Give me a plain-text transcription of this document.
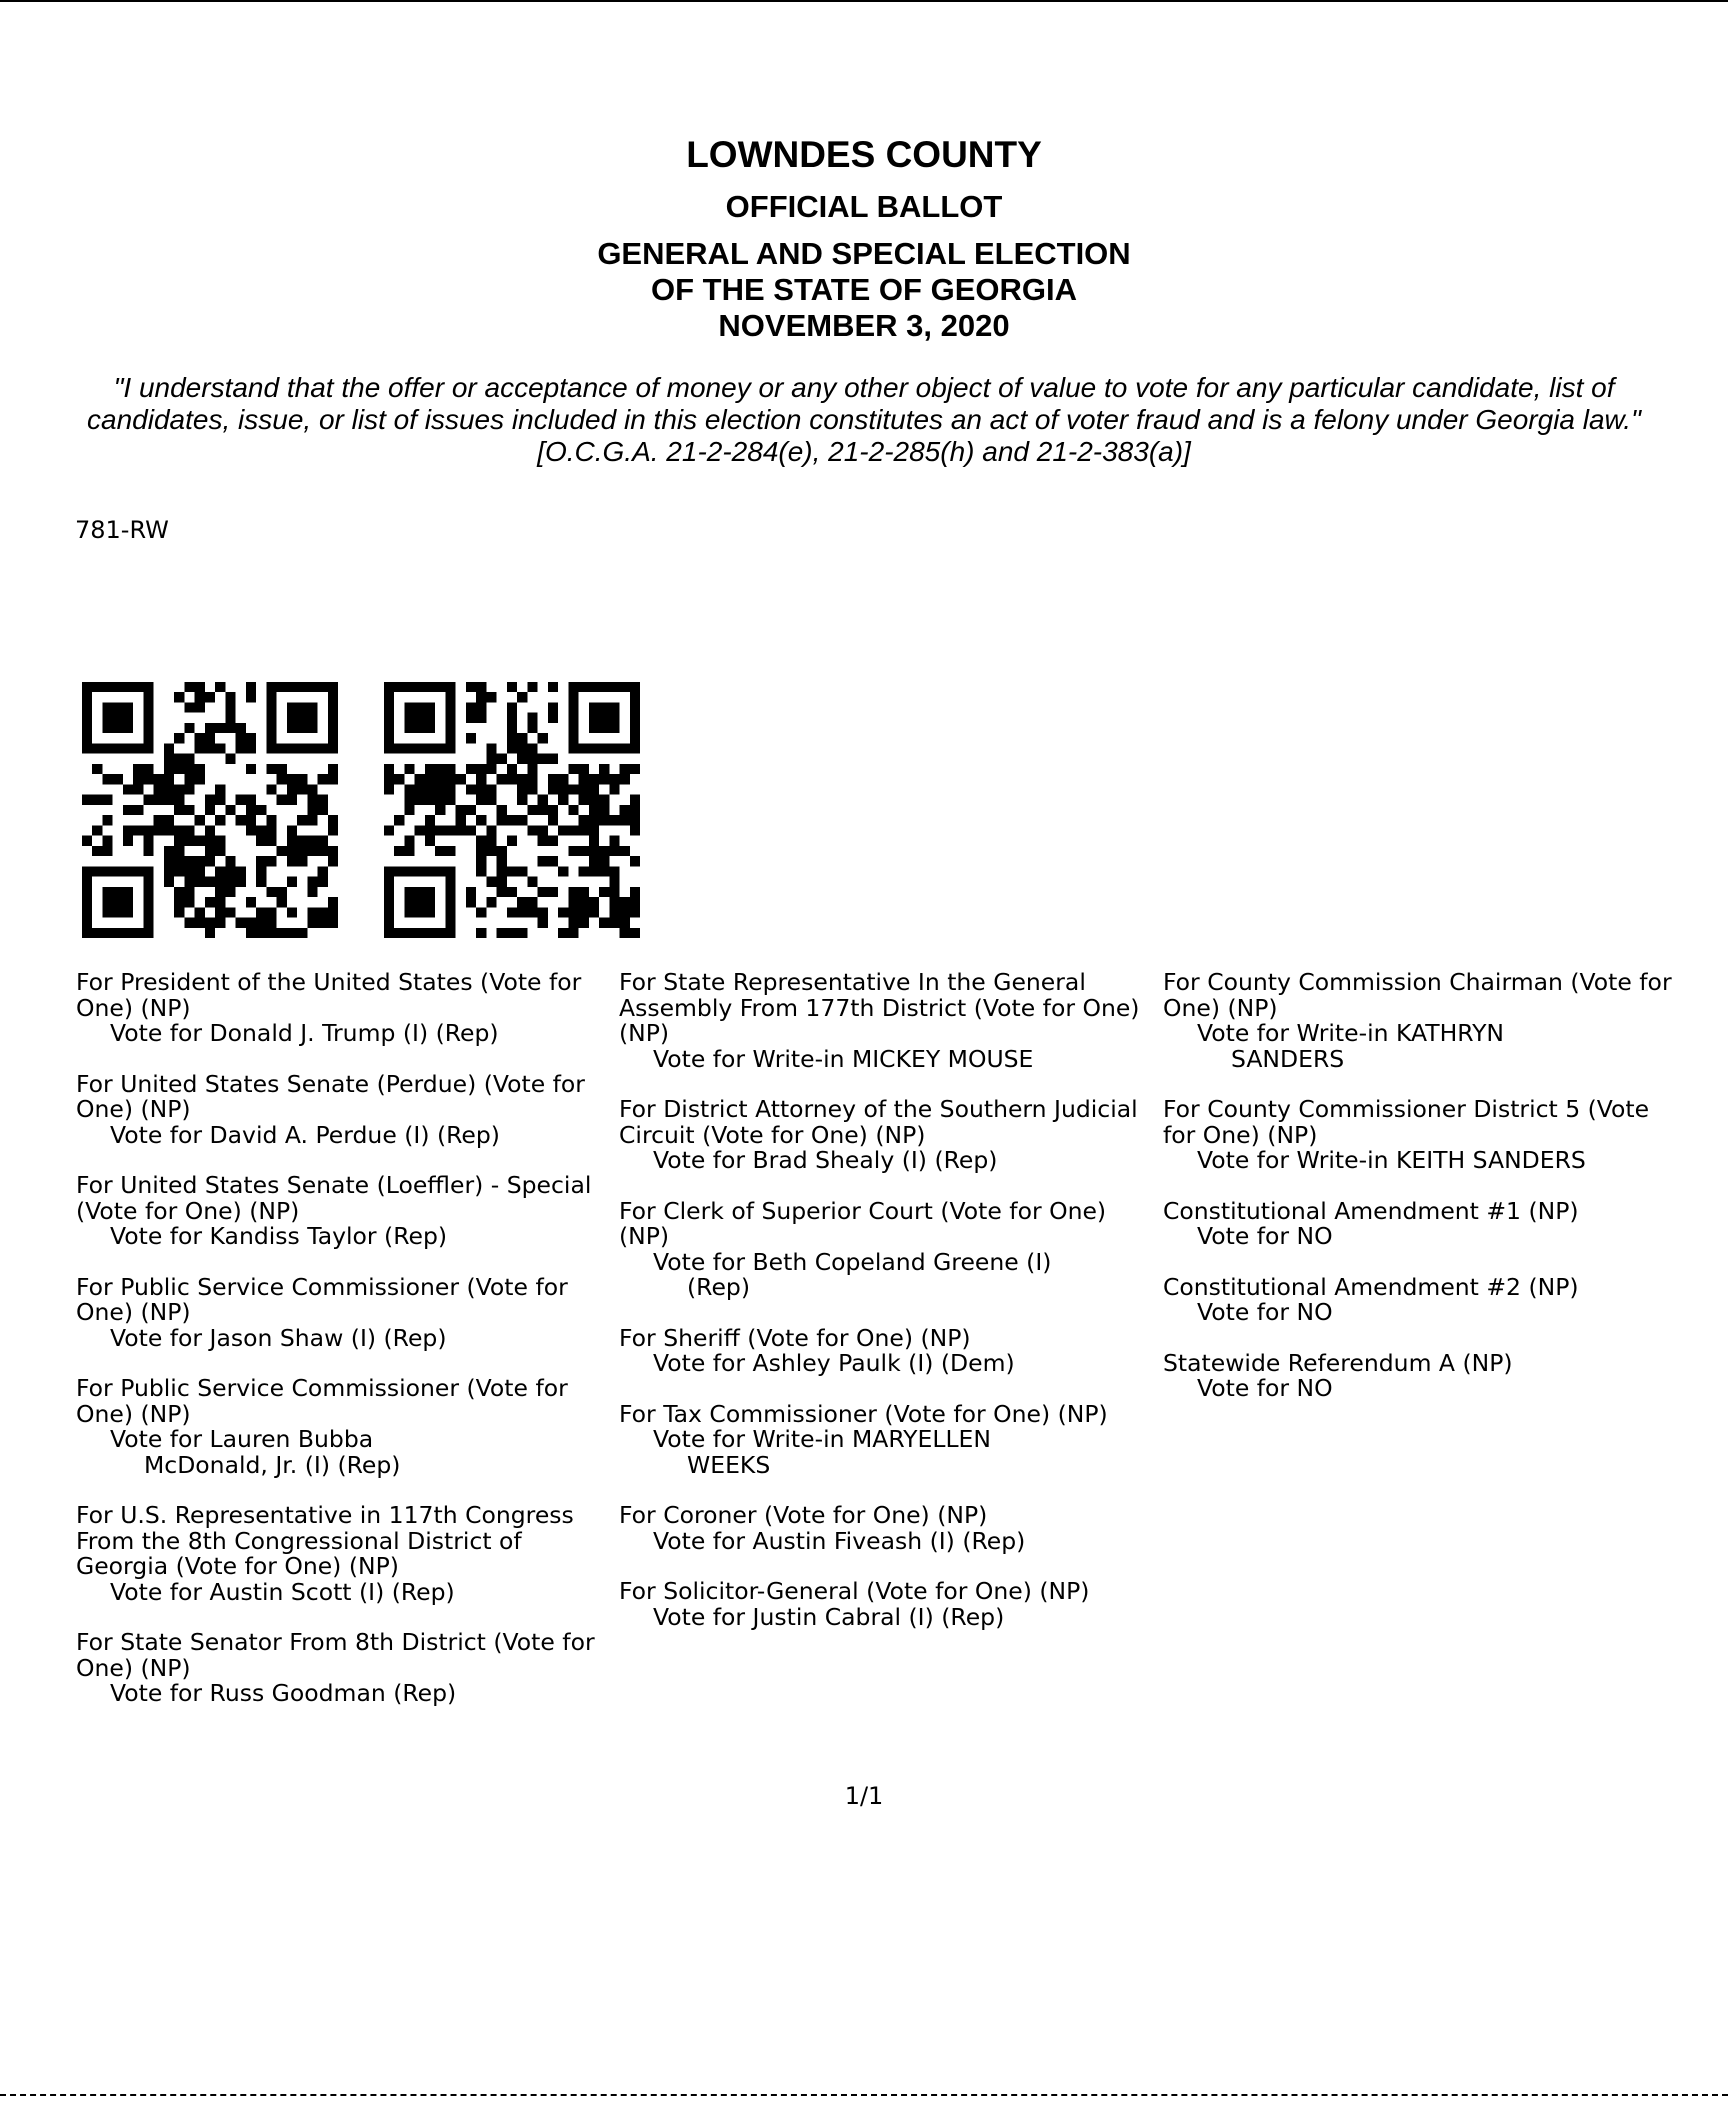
LOWNDES COUNTY
OFFICIAL BALLOT
GENERAL AND SPECIAL ELECTION
OF THE STATE OF GEORGIA
NOVEMBER 3, 2020
"I understand that the offer or acceptance of money or any other object of value to vote for any particular candidate, list of candidates, issue, or list of issues included in this election constitutes an act of voter fraud and is a felony under Georgia law." [O.C.G.A. 21-2-284(e), 21-2-285(h) and 21-2-383(a)]
781-RW
For President of the United States (Vote for One) (NP)
Vote for Donald J. Trump (I) (Rep)
For United States Senate (Perdue) (Vote for One) (NP)
Vote for David A. Perdue (I) (Rep)
For United States Senate (Loeffler) - Special (Vote for One) (NP)
Vote for Kandiss Taylor (Rep)
For Public Service Commissioner (Vote for One) (NP)
Vote for Jason Shaw (I) (Rep)
For Public Service Commissioner (Vote for One) (NP)
Vote for Lauren Bubba
McDonald, Jr. (I) (Rep)
For U.S. Representative in 117th Congress From the 8th Congressional District of Georgia (Vote for One) (NP)
Vote for Austin Scott (I) (Rep)
For State Senator From 8th District (Vote for One) (NP)
Vote for Russ Goodman (Rep)
For State Representative In the General Assembly From 177th District (Vote for One) (NP)
Vote for Write-in MICKEY MOUSE
For District Attorney of the Southern Judicial Circuit (Vote for One) (NP)
Vote for Brad Shealy (I) (Rep)
For Clerk of Superior Court (Vote for One) (NP)
Vote for Beth Copeland Greene (I)
(Rep)
For Sheriff (Vote for One) (NP)
Vote for Ashley Paulk (I) (Dem)
For Tax Commissioner (Vote for One) (NP)
Vote for Write-in MARYELLEN
WEEKS
For Coroner (Vote for One) (NP)
Vote for Austin Fiveash (I) (Rep)
For Solicitor-General (Vote for One) (NP)
Vote for Justin Cabral (I) (Rep)
For County Commission Chairman (Vote for One) (NP)
Vote for Write-in KATHRYN
SANDERS
For County Commissioner District 5 (Vote for One) (NP)
Vote for Write-in KEITH SANDERS
Constitutional Amendment #1 (NP)
Vote for NO
Constitutional Amendment #2 (NP)
Vote for NO
Statewide Referendum A (NP)
Vote for NO
1/1
